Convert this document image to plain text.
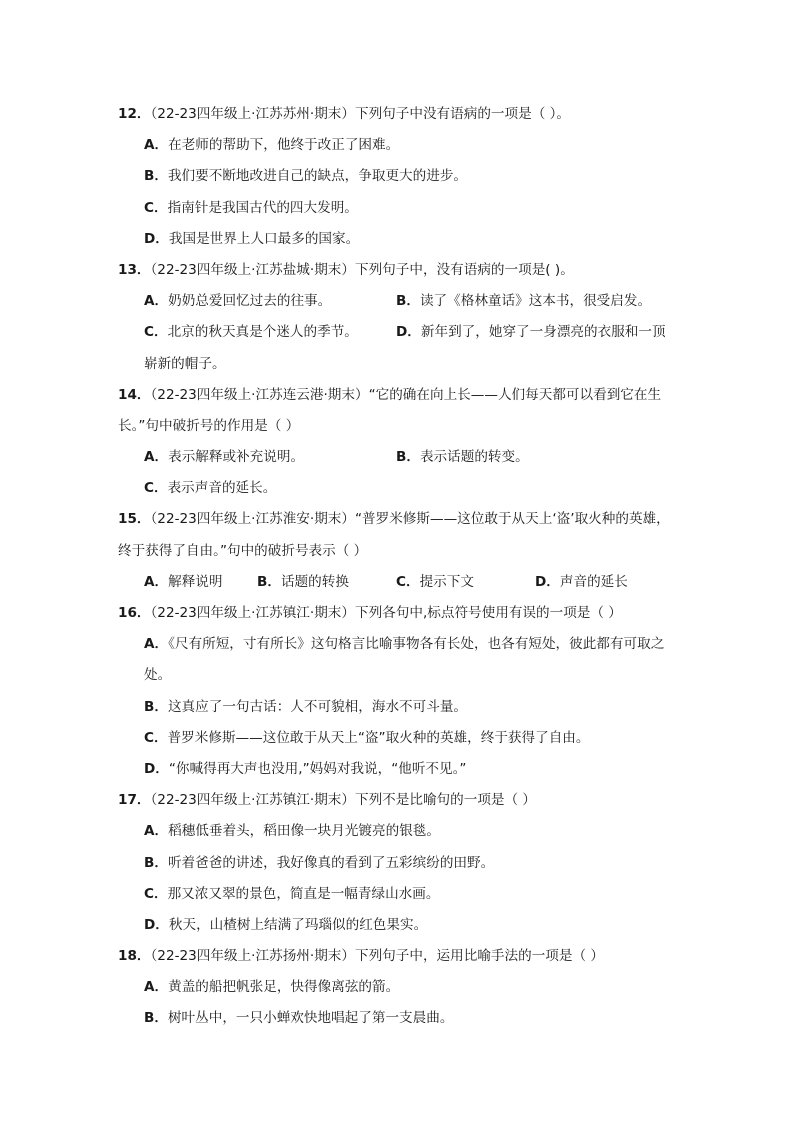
12．（22-23四年级上·江苏苏州·期末）下列句子中没有语病的一项是（ ）。
A．在老师的帮助下，他终于改正了困难。
B．我们要不断地改进自己的缺点，争取更大的进步。
C．指南针是我国古代的四大发明。
D．我国是世界上人口最多的国家。
13．（22-23四年级上·江苏盐城·期末）下列句子中，没有语病的一项是( )。
A．奶奶总爱回忆过去的往事。	B．读了《格林童话》这本书，很受启发。
C．北京的秋天真是个迷人的季节。	D．新年到了，她穿了一身漂亮的衣服和一顶
崭新的帽子。
14．（22-23四年级上·江苏连云港·期末）“它的确在向上长——人们每天都可以看到它在生
长。”句中破折号的作用是（ ）
A．表示解释或补充说明。	B．表示话题的转变。
C．表示声音的延长。
15．（22-23四年级上·江苏淮安·期末）“普罗米修斯——这位敢于从天上‘盗’取火种的英雄，
终于获得了自由。”句中的破折号表示（ ）
A．解释说明	B．话题的转换	C．提示下文	D．声音的延长
16．（22-23四年级上·江苏镇江·期末）下列各句中,标点符号使用有误的一项是（ ）
A．《尺有所短，寸有所长》这句格言比喻事物各有长处，也各有短处，彼此都有可取之
处。
B．这真应了一句古话：人不可貌相，海水不可斗量。
C．普罗米修斯——这位敢于从天上“盗”取火种的英雄，终于获得了自由。
D．“你喊得再大声也没用,”妈妈对我说，“他听不见。”
17．（22-23四年级上·江苏镇江·期末）下列不是比喻句的一项是（ ）
A．稻穗低垂着头，稻田像一块月光镀亮的银毯。
B．听着爸爸的讲述，我好像真的看到了五彩缤纷的田野。
C．那又浓又翠的景色，简直是一幅青绿山水画。
D．秋天，山楂树上结满了玛瑙似的红色果实。
18．（22-23四年级上·江苏扬州·期末）下列句子中，运用比喻手法的一项是（ ）
A．黄盖的船把帆张足，快得像离弦的箭。
B．树叶丛中，一只小蝉欢快地唱起了第一支晨曲。
